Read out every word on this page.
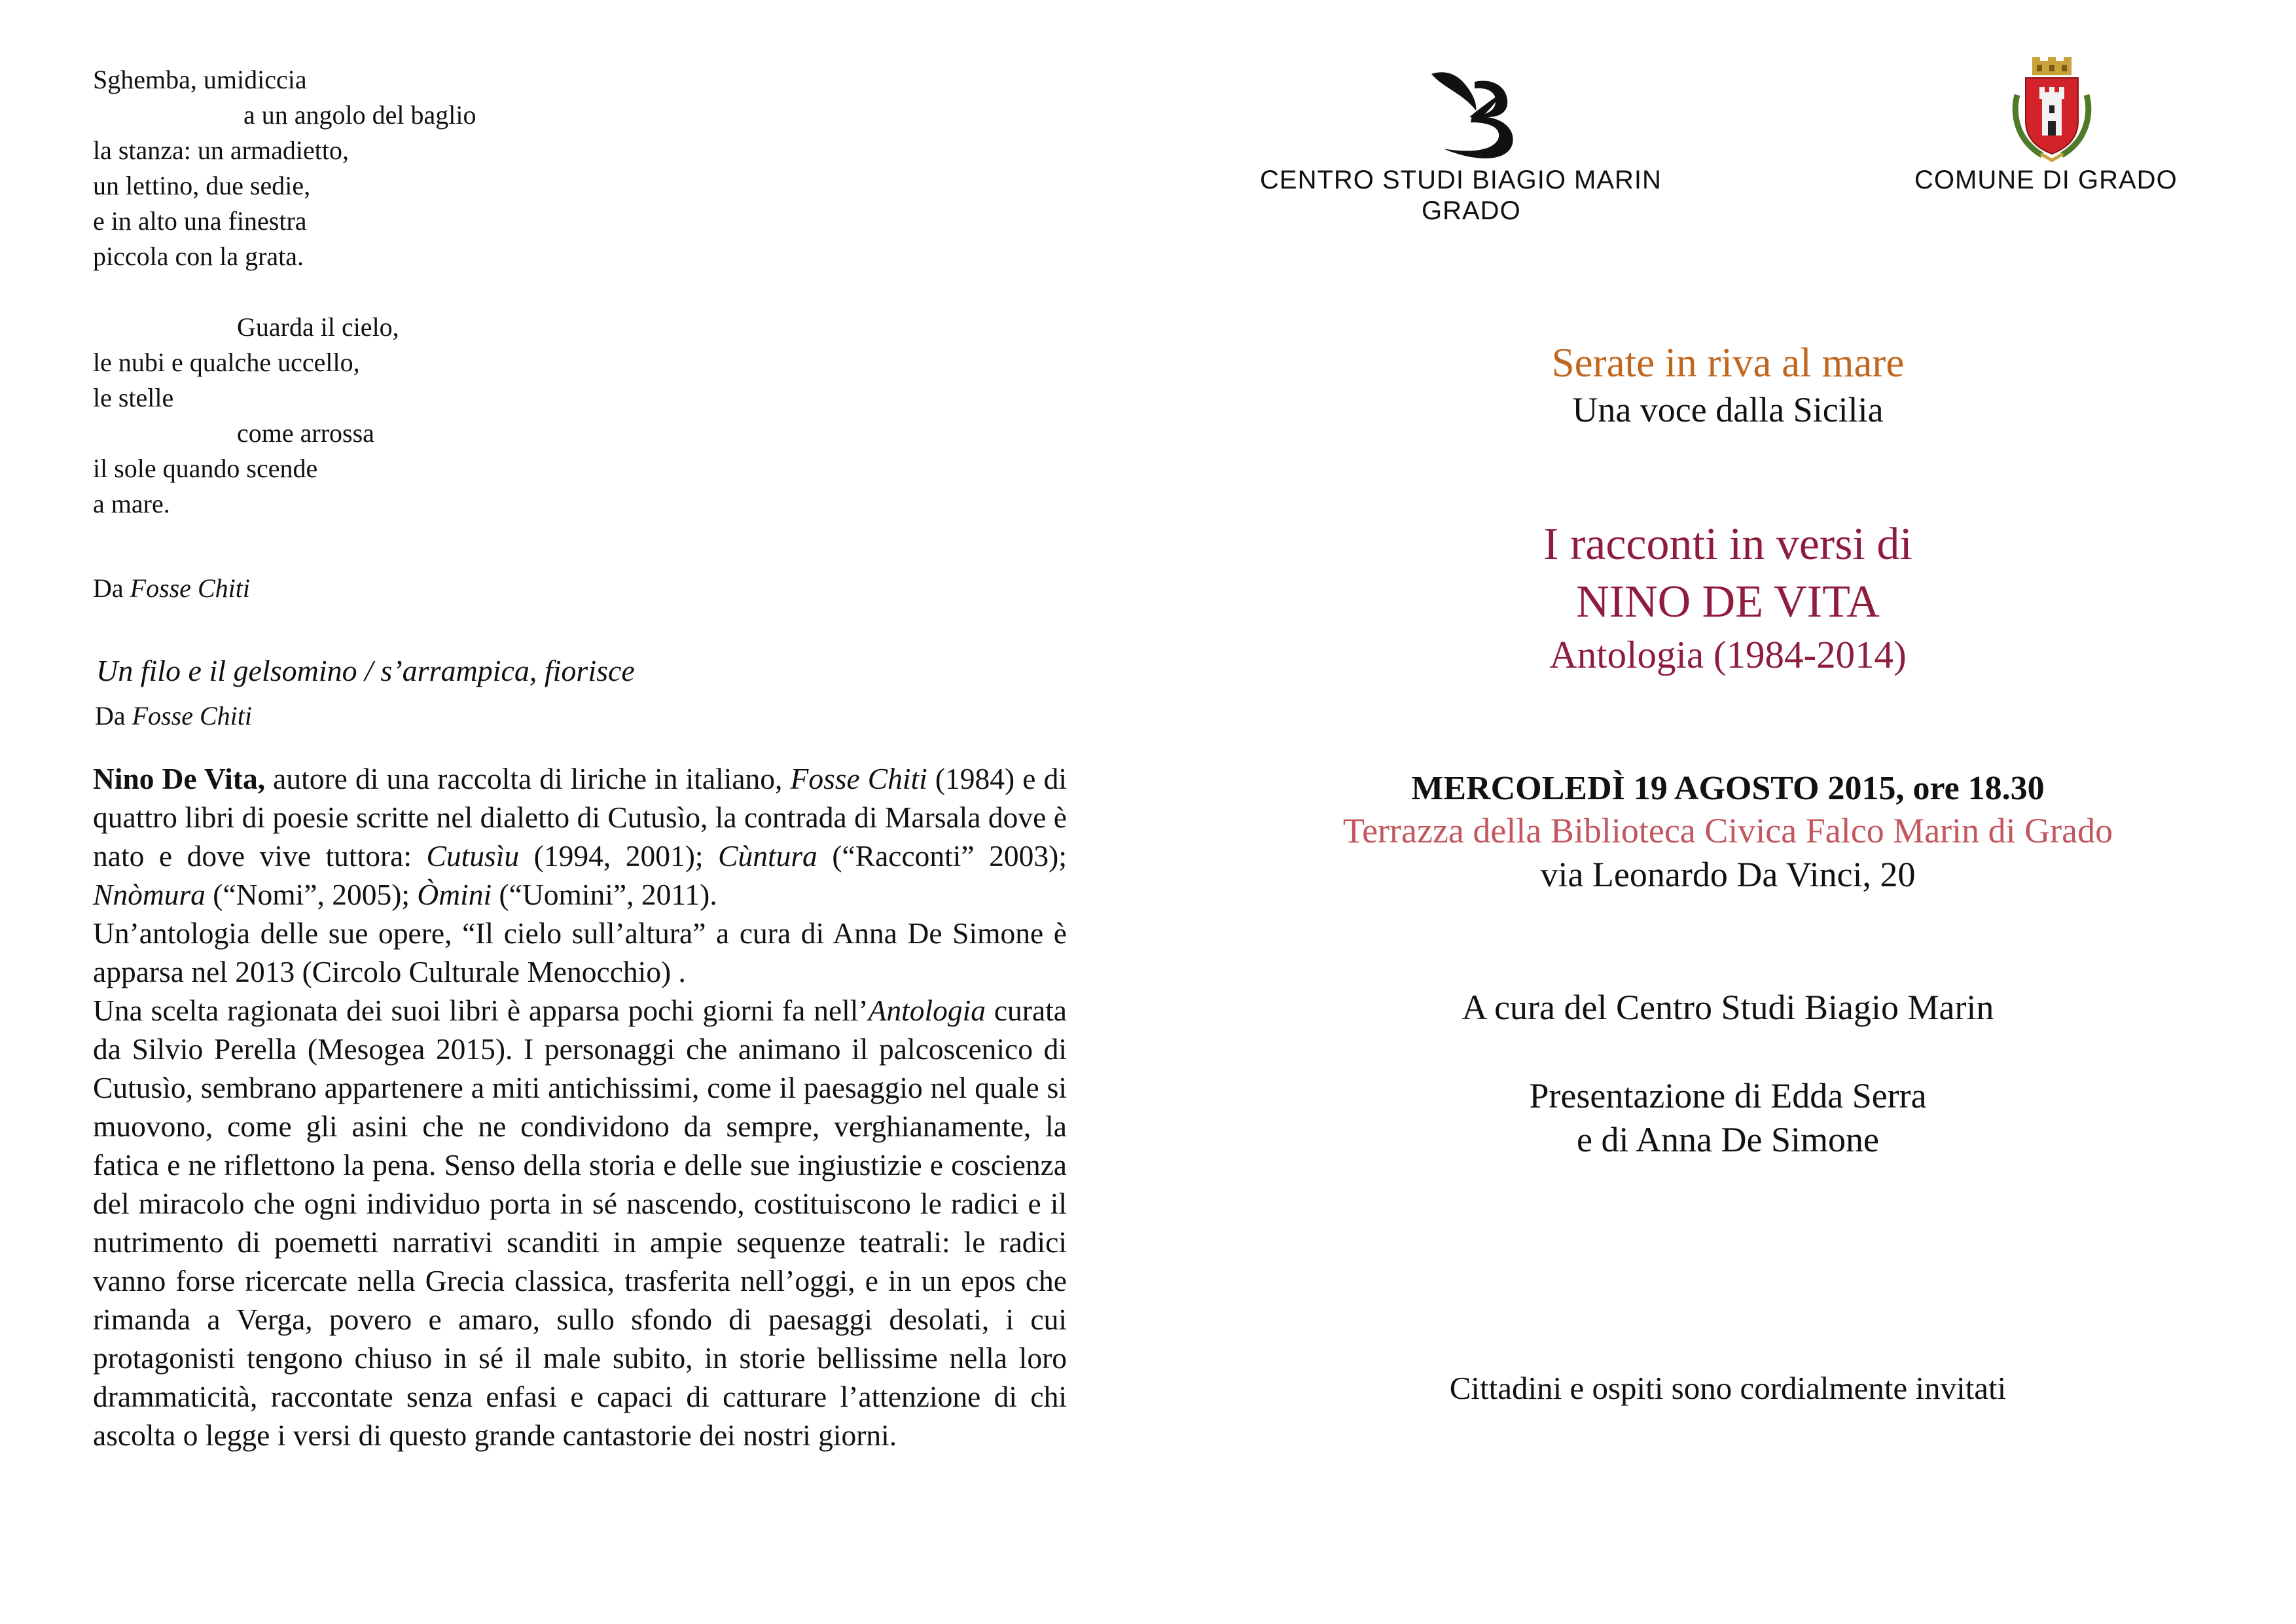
Sghemba, umidiccia
a un angolo del baglio
la stanza: un armadietto,
un lettino, due sedie,
e in alto una finestra
piccola con la grata.
Guarda il cielo,
le nubi e qualche uccello,
le stelle
come arrossa
il sole quando scende
a mare.
Da Fosse Chiti
Un filo e il gelsomino / s’arrampica, fiorisce
Da Fosse Chiti

Nino De Vita, autore di una raccolta di liriche in italiano, Fosse Chiti (1984) e di quattro libri di poesie scritte nel dialetto di Cutusìo, la contrada di Marsala dove è nato e dove vive tuttora: Cutusìu (1994, 2001); Cùntura (“Racconti” 2003); Nnòmura (“Nomi”, 2005); Òmini (“Uomini”, 2011).

Un’antologia delle sue opere, “Il cielo sull’altura” a cura di Anna De Simone è apparsa nel 2013 (Circolo Culturale Menocchio) .

Una scelta ragionata dei suoi libri è apparsa pochi giorni fa nell’Antologia curata da Silvio Perella (Mesogea 2015). I personaggi che animano il palcoscenico di Cutusìo, sembrano appartenere a miti antichissimi, come il paesaggio nel quale si muovono, come gli asini che ne condividono da sempre, verghianamente, la fatica e ne riflettono la pena. Senso della storia e delle sue ingiustizie e coscienza del miracolo che ogni individuo porta in sé nascendo, costituiscono le radici e il nutrimento di poemetti narrativi scanditi in ampie sequenze teatrali: le radici vanno forse ricercate nella Grecia classica, trasferita nell’oggi, e in un epos che rimanda a Verga, povero e amaro, sullo sfondo di paesaggi desolati, i cui protagonisti tengono chiuso in sé il male subito, in storie bellissime nella loro drammaticità, raccontate senza enfasi e capaci di catturare l’attenzione di chi ascolta o legge i versi di questo grande cantastorie dei nostri giorni.

CENTRO STUDI BIAGIO MARIN
GRADO
COMUNE DI GRADO
Serate in riva al mare
Una voce dalla Sicilia
I racconti in versi di
NINO DE VITA
Antologia (1984-2014)
MERCOLEDÌ 19 AGOSTO 2015, ore 18.30
Terrazza della Biblioteca Civica Falco Marin di Grado
via Leonardo Da Vinci, 20
A cura del Centro Studi Biagio Marin
Presentazione di Edda Serra
e di Anna De Simone
Cittadini e ospiti sono cordialmente invitati
